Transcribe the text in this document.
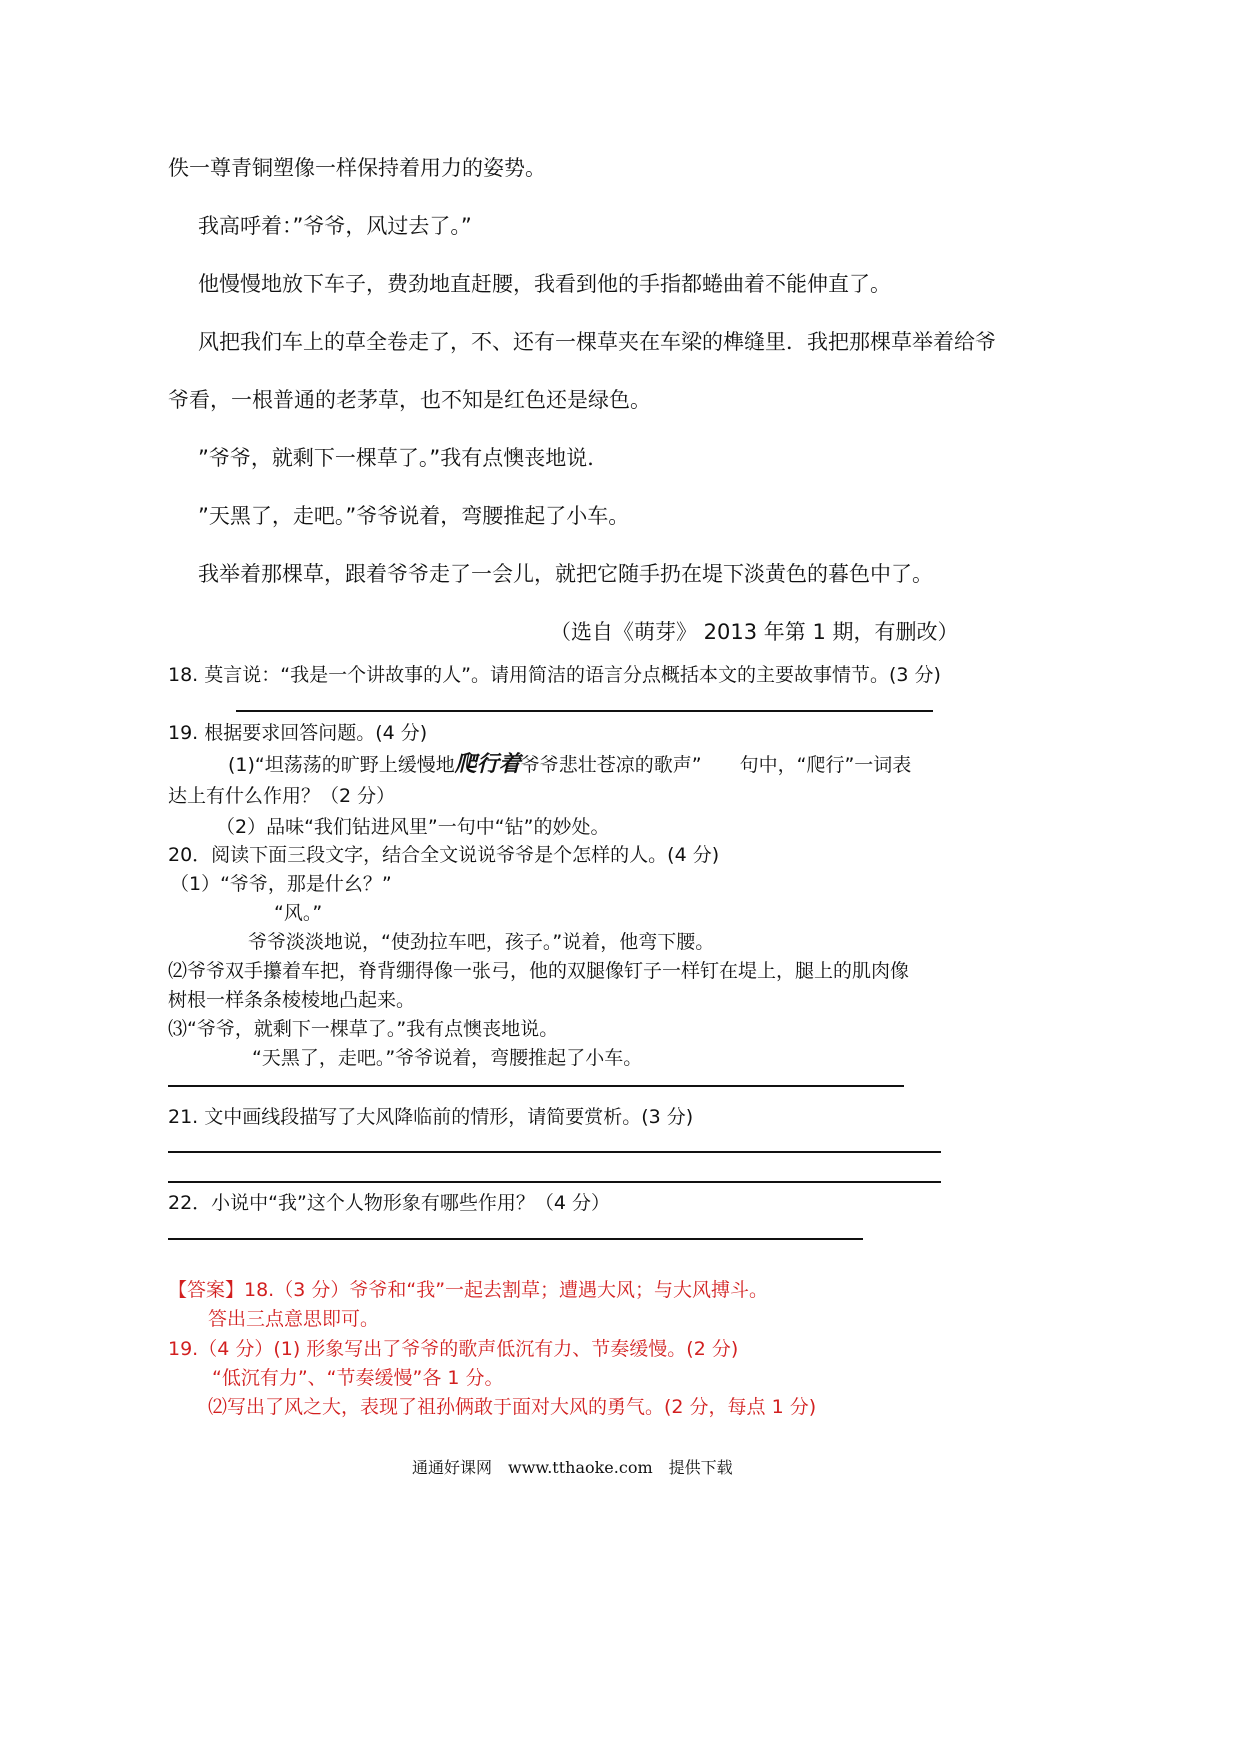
佚一尊青铜塑像一样保持着用力的姿势。
我高呼着：”爷爷，风过去了。”
他慢慢地放下车子，费劲地直赶腰，我看到他的手指都蜷曲着不能伸直了。
风把我们车上的草全卷走了，不、还有一棵草夹在车梁的榫缝里．我把那棵草举着给爷
爷看，一根普通的老茅草，也不知是红色还是绿色。
”爷爷，就剩下一棵草了。”我有点懊丧地说．
”天黑了，走吧。”爷爷说着，弯腰推起了小车。
我举着那棵草，跟着爷爷走了一会儿，就把它随手扔在堤下淡黄色的暮色中了。
（选自《萌芽》 2013 年第 1 期，有删改）
18. 莫言说：“我是一个讲故事的人”。请用简洁的语言分点概括本文的主要故事情节。(3 分)
19. 根据要求回答问题。(4 分)
(1)“坦荡荡的旷野上缓慢地爬行着爷爷悲壮苍凉的歌声”　　句中，“爬行”一词表
达上有什么作用？（2 分）
（2）品味“我们钻进风里”一句中“钻”的妙处。
20．阅读下面三段文字，结合全文说说爷爷是个怎样的人。(4 分)
（1）“爷爷，那是什幺？”
“风。”
爷爷淡淡地说，“使劲拉车吧，孩子。”说着，他弯下腰。
⑵爷爷双手攥着车把，脊背绷得像一张弓，他的双腿像钉子一样钉在堤上，腿上的肌肉像
树根一样条条棱棱地凸起来。
⑶“爷爷，就剩下一棵草了。”我有点懊丧地说。
“天黑了，走吧。”爷爷说着，弯腰推起了小车。
21. 文中画线段描写了大风降临前的情形，请简要赏析。(3 分)
22．小说中“我”这个人物形象有哪些作用？（4 分）
【答案】18.（3 分）爷爷和“我”一起去割草；遭遇大风；与大风搏斗。
答出三点意思即可。
19.（4 分）(1) 形象写出了爷爷的歌声低沉有力、节奏缓慢。(2 分)
“低沉有力”、“节奏缓慢”各 1 分。
⑵写出了风之大，表现了祖孙俩敢于面对大风的勇气。(2 分，每点 1 分)
通通好课网　www.tthaoke.com　提供下载
